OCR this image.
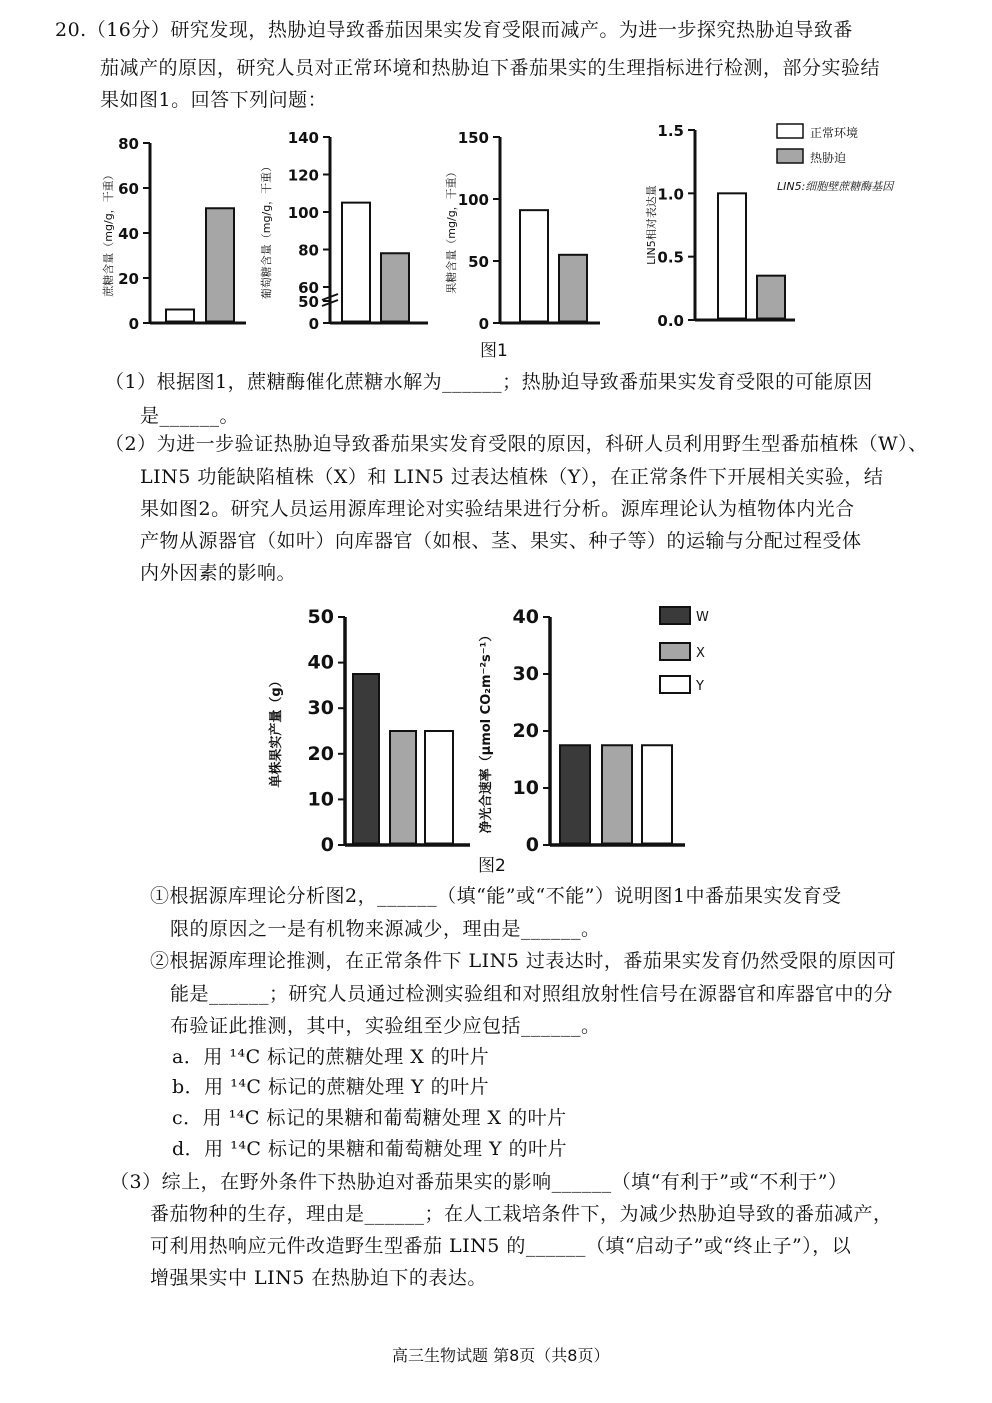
20.（16分）研究发现，热胁迫导致番茄因果实发育受限而减产。为进一步探究热胁迫导致番
茄减产的原因，研究人员对正常环境和热胁迫下番茄果实的生理指标进行检测，部分实验结
果如图1。回答下列问题：
0
20
40
60
80
蔗糖含量（mg/g，干重）
0
50
60
80
100
120
140
葡萄糖含量（mg/g，干重）
0
50
100
150
果糖含量（mg/g，干重）
0.0
0.5
1.0
1.5
LIN5相对表达量
0
10
20
30
40
50
单株果实产量（g）
0
10
20
30
40
净光合速率（μmol CO₂m⁻²s⁻¹）
正常环境
热胁迫
LIN5:细胞壁蔗糖酶基因
W
X
Y
图1
（1）根据图1，蔗糖酶催化蔗糖水解为______；热胁迫导致番茄果实发育受限的可能原因
是______。
（2）为进一步验证热胁迫导致番茄果实发育受限的原因，科研人员利用野生型番茄植株（W）、
LIN5 功能缺陷植株（X）和 LIN5 过表达植株（Y），在正常条件下开展相关实验，结
果如图2。研究人员运用源库理论对实验结果进行分析。源库理论认为植物体内光合
产物从源器官（如叶）向库器官（如根、茎、果实、种子等）的运输与分配过程受体
内外因素的影响。
图2
①根据源库理论分析图2，______（填“能”或“不能”）说明图1中番茄果实发育受
限的原因之一是有机物来源减少，理由是______。
②根据源库理论推测，在正常条件下 LIN5 过表达时，番茄果实发育仍然受限的原因可
能是______；研究人员通过检测实验组和对照组放射性信号在源器官和库器官中的分
布验证此推测，其中，实验组至少应包括______。
a．用 ¹⁴C 标记的蔗糖处理 X 的叶片
b．用 ¹⁴C 标记的蔗糖处理 Y 的叶片
c．用 ¹⁴C 标记的果糖和葡萄糖处理 X 的叶片
d．用 ¹⁴C 标记的果糖和葡萄糖处理 Y 的叶片
（3）综上，在野外条件下热胁迫对番茄果实的影响______（填“有利于”或“不利于”）
番茄物种的生存，理由是______；在人工栽培条件下，为减少热胁迫导致的番茄减产，
可利用热响应元件改造野生型番茄 LIN5 的______（填“启动子”或“终止子”），以
增强果实中 LIN5 在热胁迫下的表达。
高三生物试题 第8页（共8页）
